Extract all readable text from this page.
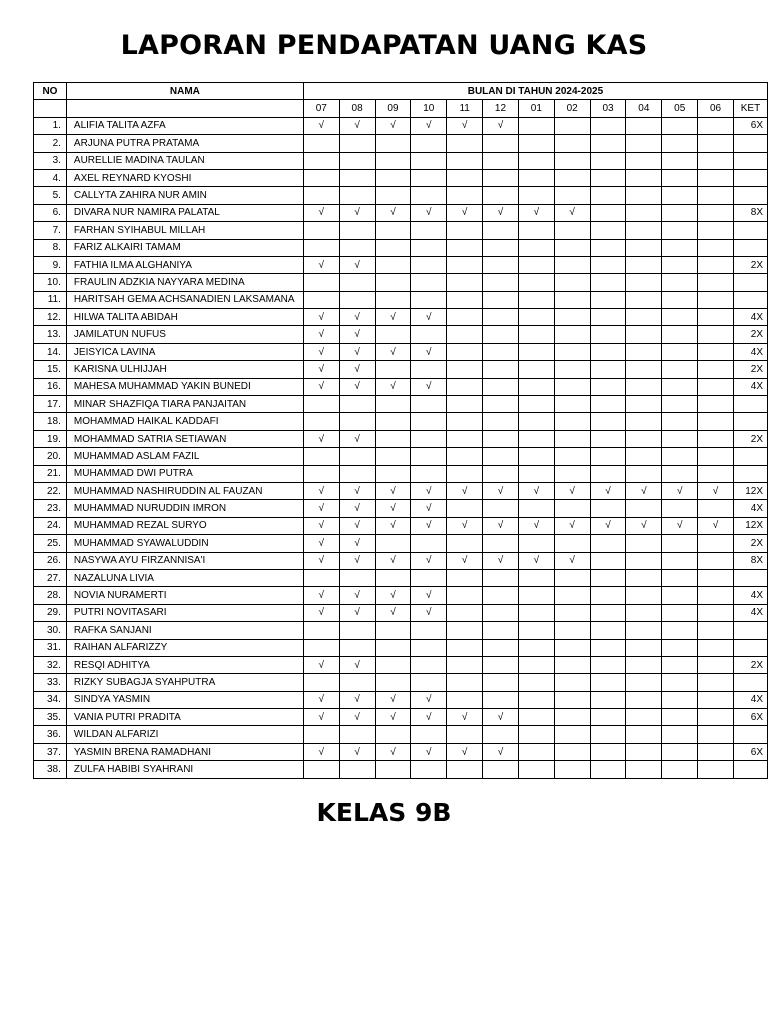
LAPORAN PENDAPATAN UANG KAS
NO	NAMA	BULAN DI TAHUN 2024-2025												
		07	08	09	10	11	12	01	02	03	04	05	06	KET
1.	ALIFIA TALITA AZFA	√	√	√	√	√	√							6X
2.	ARJUNA PUTRA PRATAMA													
3.	AURELLIE MADINA TAULAN													
4.	AXEL REYNARD KYOSHI													
5.	CALLYTA ZAHIRA NUR AMIN													
6.	DIVARA NUR NAMIRA PALATAL	√	√	√	√	√	√	√	√					8X
7.	FARHAN SYIHABUL MILLAH													
8.	FARIZ ALKAIRI TAMAM													
9.	FATHIA ILMA ALGHANIYA	√	√											2X
10.	FRAULIN ADZKIA NAYYARA MEDINA													
11.	HARITSAH GEMA ACHSANADIEN LAKSAMANA													
12.	HILWA TALITA ABIDAH	√	√	√	√									4X
13.	JAMILATUN NUFUS	√	√											2X
14.	JEISYICA LAVINA	√	√	√	√									4X
15.	KARISNA ULHIJJAH	√	√											2X
16.	MAHESA MUHAMMAD YAKIN BUNEDI	√	√	√	√									4X
17.	MINAR SHAZFIQA TIARA PANJAITAN													
18.	MOHAMMAD HAIKAL KADDAFI													
19.	MOHAMMAD SATRIA SETIAWAN	√	√											2X
20.	MUHAMMAD ASLAM FAZIL													
21.	MUHAMMAD DWI PUTRA													
22.	MUHAMMAD NASHIRUDDIN AL FAUZAN	√	√	√	√	√	√	√	√	√	√	√	√	12X
23.	MUHAMMAD NURUDDIN IMRON	√	√	√	√									4X
24.	MUHAMMAD REZAL SURYO	√	√	√	√	√	√	√	√	√	√	√	√	12X
25.	MUHAMMAD SYAWALUDDIN	√	√											2X
26.	NASYWA AYU FIRZANNISA'I	√	√	√	√	√	√	√	√					8X
27.	NAZALUNA LIVIA													
28.	NOVIA NURAMERTI	√	√	√	√									4X
29.	PUTRI NOVITASARI	√	√	√	√									4X
30.	RAFKA SANJANI													
31.	RAIHAN ALFARIZZY													
32.	RESQI ADHITYA	√	√											2X
33.	RIZKY SUBAGJA SYAHPUTRA													
34.	SINDYA YASMIN	√	√	√	√									4X
35.	VANIA PUTRI PRADITA	√	√	√	√	√	√							6X
36.	WILDAN ALFARIZI													
37.	YASMIN BRENA RAMADHANI	√	√	√	√	√	√							6X
38.	ZULFA HABIBI SYAHRANI													
KELAS 9B
